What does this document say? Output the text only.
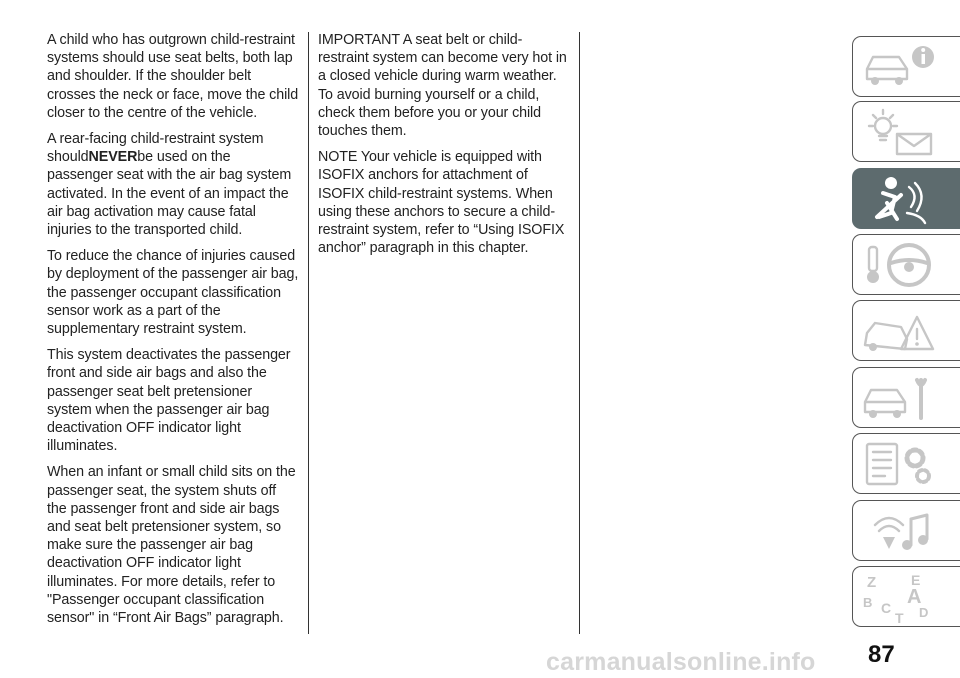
A child who has outgrown child-restraint systems should use seat belts, both lap and shoulder. If the shoulder belt crosses the neck or face, move the child closer to the centre of the vehicle.

A rear-facing child-restraint system shouldNEVERbe used on the passenger seat with the air bag system activated. In the event of an impact the air bag activation may cause fatal injuries to the transported child.

To reduce the chance of injuries caused by deployment of the passenger air bag, the passenger occupant classification sensor work as a part of the supplementary restraint system.

This system deactivates the passenger front and side air bags and also the passenger seat belt pretensioner system when the passenger air bag deactivation OFF indicator light illuminates.

When an infant or small child sits on the passenger seat, the system shuts off the passenger front and side air bags and seat belt pretensioner system, so make sure the passenger air bag deactivation OFF indicator light illuminates. For more details, refer to "Passenger occupant classification sensor" in “Front Air Bags” paragraph.

IMPORTANT A seat belt or child-restraint system can become very hot in a closed vehicle during warm weather. To avoid burning yourself or a child, check them before you or your child touches them.

NOTE Your vehicle is equipped with ISOFIX anchors for attachment of ISOFIX child-restraint systems. When using these anchors to secure a child-restraint system, refer to “Using ISOFIX anchor” paragraph in this chapter.

Z E
B A
C D
T
carmanualsonline.info 87
